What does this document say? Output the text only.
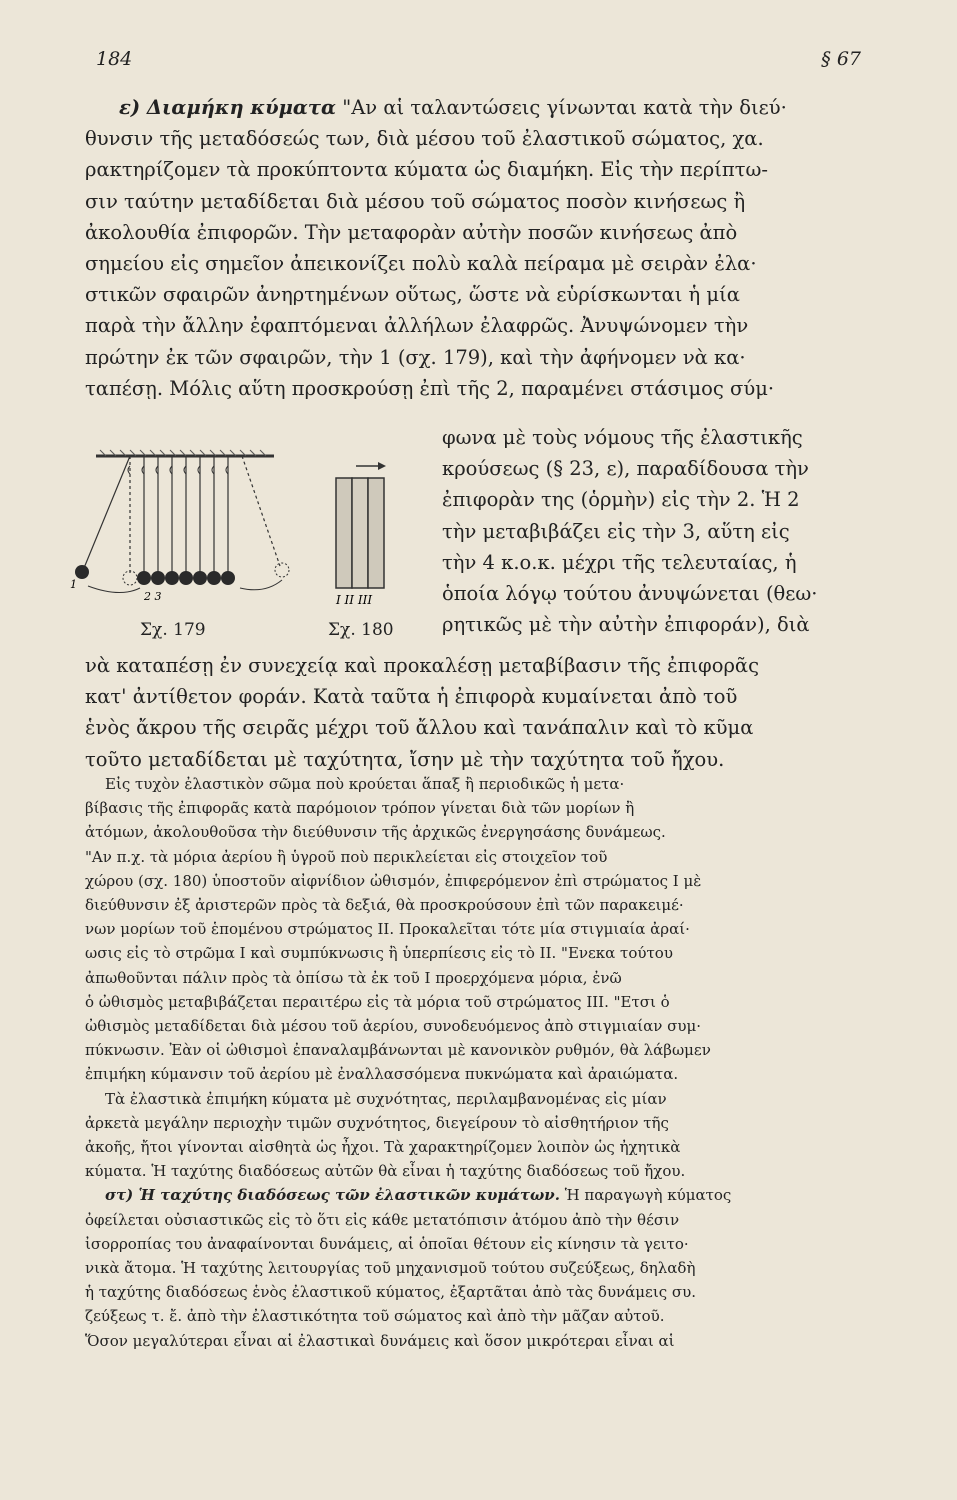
184	§ 67
ε) Διαμήκη κύματα "Αν αἱ ταλαντώσεις γίνωνται κατὰ τὴν διεύ·
θυνσιν τῆς μεταδόσεώς των, διὰ μέσου τοῦ ἐλαστικοῦ σώματος, χα.
ρακτηρίζομεν τὰ προκύπτοντα κύματα ὡς διαμήκη. Εἰς τὴν περίπτω-
σιν ταύτην μεταδίδεται διὰ μέσου τοῦ σώματος ποσὸν κινήσεως ἢ
ἀκολουθία ἐπιφορῶν. Τὴν μεταφορὰν αὐτὴν ποσῶν κινήσεως ἀπὸ
σημείου εἰς σημεῖον ἀπεικονίζει πολὺ καλὰ πείραμα μὲ σειρὰν ἐλα·
στικῶν σφαιρῶν ἀνηρτημένων οὕτως, ὥστε νὰ εὑρίσκωνται ἡ μία
παρὰ τὴν ἄλλην ἐφαπτόμεναι ἀλλήλων ἐλαφρῶς. Ἀνυψώνομεν τὴν
πρώτην ἐκ τῶν σφαιρῶν, τὴν 1 (σχ. 179), καὶ τὴν ἀφήνομεν νὰ κα·
ταπέσῃ. Μόλις αὕτη προσκρούσῃ ἐπὶ τῆς 2, παραμένει στάσιμος σύμ·
1
2 3
Σχ. 179
I II III
Σχ. 180
φωνα μὲ τοὺς νόμους τῆς ἐλαστικῆς
κρούσεως (§ 23, ε), παραδίδουσα τὴν
ἐπιφορὰν της (ὁρμὴν) εἰς τὴν 2. Ἡ 2
τὴν μεταβιβάζει εἰς τὴν 3, αὕτη εἰς
τὴν 4 κ.ο.κ. μέχρι τῆς τελευταίας, ἡ
ὁποία λόγῳ τούτου ἀνυψώνεται (θεω·
ρητικῶς μὲ τὴν αὐτὴν ἐπιφοράν), διὰ
νὰ καταπέσῃ ἐν συνεχείᾳ καὶ προκαλέσῃ μεταβίβασιν τῆς ἐπιφορᾶς
κατ' ἀντίθετον φοράν. Κατὰ ταῦτα ἡ ἐπιφορὰ κυμαίνεται ἀπὸ τοῦ
ἑνὸς ἄκρου τῆς σειρᾶς μέχρι τοῦ ἄλλου καὶ τανάπαλιν καὶ τὸ κῦμα
τοῦτο μεταδίδεται μὲ ταχύτητα, ἴσην μὲ τὴν ταχύτητα τοῦ ἤχου.
Εἰς τυχὸν ἐλαστικὸν σῶμα ποὺ κρούεται ἅπαξ ἢ περιοδικῶς ἡ μετα·
βίβασις τῆς ἐπιφορᾶς κατὰ παρόμοιον τρόπον γίνεται διὰ τῶν μορίων ἢ
ἀτόμων, ἀκολουθοῦσα τὴν διεύθυνσιν τῆς ἀρχικῶς ἐνεργησάσης δυνάμεως.
"Αν π.χ. τὰ μόρια ἀερίου ἢ ὑγροῦ ποὺ περικλείεται εἰς στοιχεῖον τοῦ
χώρου (σχ. 180) ὑποστοῦν αἰφνίδιον ὠθισμόν, ἐπιφερόμενον ἐπὶ στρώματος I μὲ
διεύθυνσιν ἐξ ἀριστερῶν πρὸς τὰ δεξιά, θὰ προσκρούσουν ἐπὶ τῶν παρακειμέ·
νων μορίων τοῦ ἑπομένου στρώματος II. Προκαλεῖται τότε μία στιγμιαία ἀραί·
ωσις εἰς τὸ στρῶμα I καὶ συμπύκνωσις ἢ ὑπερπίεσις εἰς τὸ II. "Ενεκα τούτου
ἀπωθοῦνται πάλιν πρὸς τὰ ὀπίσω τὰ ἐκ τοῦ I προερχόμενα μόρια, ἐνῶ
ὁ ὠθισμὸς μεταβιβάζεται περαιτέρω εἰς τὰ μόρια τοῦ στρώματος III. "Ετσι ὁ
ὠθισμὸς μεταδίδεται διὰ μέσου τοῦ ἀερίου, συνοδευόμενος ἀπὸ στιγμιαίαν συμ·
πύκνωσιν. Ἐὰν οἱ ὠθισμοὶ ἐπαναλαμβάνωνται μὲ κανονικὸν ρυθμόν, θὰ λάβωμεν
ἐπιμήκη κύμανσιν τοῦ ἀερίου μὲ ἐναλλασσόμενα πυκνώματα καὶ ἀραιώματα.
Τὰ ἐλαστικὰ ἐπιμήκη κύματα μὲ συχνότητας, περιλαμβανομένας εἰς μίαν
ἀρκετὰ μεγάλην περιοχὴν τιμῶν συχνότητος, διεγείρουν τὸ αἰσθητήριον τῆς
ἀκοῆς, ἤτοι γίνονται αἰσθητὰ ὡς ἦχοι. Τὰ χαρακτηρίζομεν λοιπὸν ὡς ἠχητικὰ
κύματα. Ἡ ταχύτης διαδόσεως αὐτῶν θὰ εἶναι ἡ ταχύτης διαδόσεως τοῦ ἤχου.
στ) Ἡ ταχύτης διαδόσεως τῶν ἐλαστικῶν κυμάτων. Ἡ παραγωγὴ κύματος
ὀφείλεται οὐσιαστικῶς εἰς τὸ ὅτι εἰς κάθε μετατόπισιν ἀτόμου ἀπὸ τὴν θέσιν
ἰσορροπίας του ἀναφαίνονται δυνάμεις, αἱ ὁποῖαι θέτουν εἰς κίνησιν τὰ γειτο·
νικὰ ἄτομα. Ἡ ταχύτης λειτουργίας τοῦ μηχανισμοῦ τούτου συζεύξεως, δηλαδὴ
ἡ ταχύτης διαδόσεως ἑνὸς ἐλαστικοῦ κύματος, ἐξαρτᾶται ἀπὸ τὰς δυνάμεις συ.
ζεύξεως τ. ἔ. ἀπὸ τὴν ἐλαστικότητα τοῦ σώματος καὶ ἀπὸ τὴν μᾶζαν αὐτοῦ.
Ὅσον μεγαλύτεραι εἶναι αἱ ἐλαστικαὶ δυνάμεις καὶ ὅσον μικρότεραι εἶναι αἱ
